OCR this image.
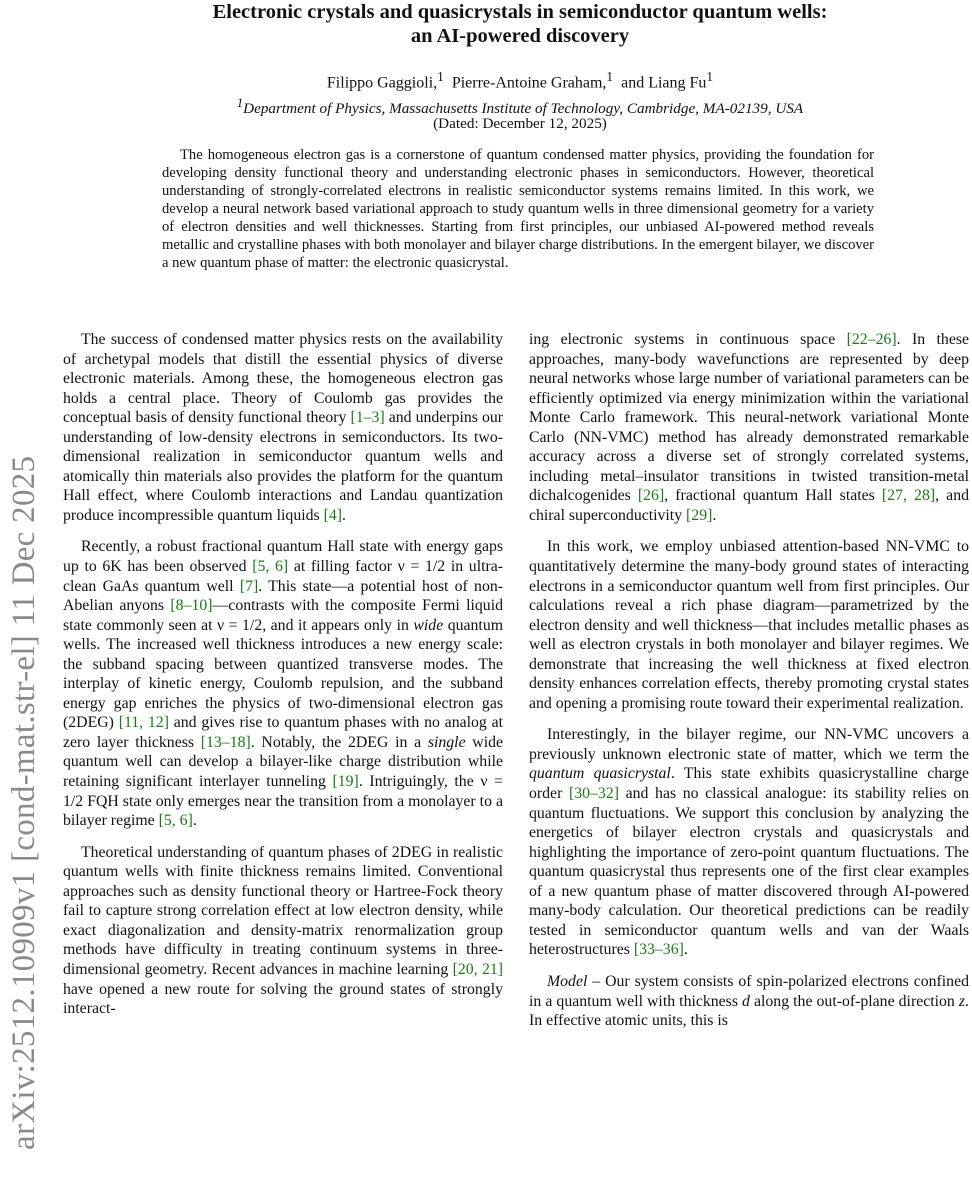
arXiv:2512.10909v1 [cond-mat.str-el] 11 Dec 2025
Electronic crystals and quasicrystals in semiconductor quantum wells:
an AI-powered discovery
Filippo Gaggioli,$^1$ Pierre-Antoine Graham,$^1$ and Liang Fu$^1$
$^1$Department of Physics, Massachusetts Institute of Technology, Cambridge, MA-02139, USA
(Dated: December 12, 2025)

The homogeneous electron gas is a cornerstone of quantum condensed matter physics, providing the foundation for developing density functional theory and understanding electronic phases in semiconductors. However, theoretical understanding of strongly-correlated electrons in realistic semiconductor systems remains limited. In this work, we develop a neural network based variational approach to study quantum wells in three dimensional geometry for a variety of electron densities and well thicknesses. Starting from first principles, our unbiased AI-powered method reveals metallic and crystalline phases with both monolayer and bilayer charge distributions. In the emergent bilayer, we discover a new quantum phase of matter: the electronic quasicrystal.

The success of condensed matter physics rests on the availability of archetypal models that distill the essential physics of diverse electronic materials. Among these, the homogeneous electron gas holds a central place. Theory of Coulomb gas provides the conceptual basis of density functional theory [1–3] and underpins our understanding of low-density electrons in semiconductors. Its two-dimensional realization in semiconductor quantum wells and atomically thin materials also provides the platform for the quantum Hall effect, where Coulomb interactions and Landau quantization produce incompressible quantum liquids [4].

Recently, a robust fractional quantum Hall state with energy gaps up to 6K has been observed [5, 6] at filling factor ν = 1/2 in ultra-clean GaAs quantum well [7]. This state—a potential host of non-Abelian anyons [8–10]—contrasts with the composite Fermi liquid state commonly seen at ν = 1/2, and it appears only in wide quantum wells. The increased well thickness introduces a new energy scale: the subband spacing between quantized transverse modes. The interplay of kinetic energy, Coulomb repulsion, and the subband energy gap enriches the physics of two-dimensional electron gas (2DEG) [11, 12] and gives rise to quantum phases with no analog at zero layer thickness [13–18]. Notably, the 2DEG in a single wide quantum well can develop a bilayer-like charge distribution while retaining significant interlayer tunneling [19]. Intriguingly, the ν = 1/2 FQH state only emerges near the transition from a monolayer to a bilayer regime [5, 6].

Theoretical understanding of quantum phases of 2DEG in realistic quantum wells with finite thickness remains limited. Conventional approaches such as density functional theory or Hartree-Fock theory fail to capture strong correlation effect at low electron density, while exact diagonalization and density-matrix renormalization group methods have difficulty in treating continuum systems in three-dimensional geometry. Recent advances in machine learning [20, 21] have opened a new route for solving the ground states of strongly interact-

ing electronic systems in continuous space [22–26]. In these approaches, many-body wavefunctions are represented by deep neural networks whose large number of variational parameters can be efficiently optimized via energy minimization within the variational Monte Carlo framework. This neural-network variational Monte Carlo (NN-VMC) method has already demonstrated remarkable accuracy across a diverse set of strongly correlated systems, including metal–insulator transitions in twisted transition-metal dichalcogenides [26], fractional quantum Hall states [27, 28], and chiral superconductivity [29].

In this work, we employ unbiased attention-based NN-VMC to quantitatively determine the many-body ground states of interacting electrons in a semiconductor quantum well from first principles. Our calculations reveal a rich phase diagram—parametrized by the electron density and well thickness—that includes metallic phases as well as electron crystals in both monolayer and bilayer regimes. We demonstrate that increasing the well thickness at fixed electron density enhances correlation effects, thereby promoting crystal states and opening a promising route toward their experimental realization.

Interestingly, in the bilayer regime, our NN-VMC uncovers a previously unknown electronic state of matter, which we term the quantum quasicrystal. This state exhibits quasicrystalline charge order [30–32] and has no classical analogue: its stability relies on quantum fluctuations. We support this conclusion by analyzing the energetics of bilayer electron crystals and quasicrystals and highlighting the importance of zero-point quantum fluctuations. The quantum quasicrystal thus represents one of the first clear examples of a new quantum phase of matter discovered through AI-powered many-body calculation. Our theoretical predictions can be readily tested in semiconductor quantum wells and van der Waals heterostructures [33–36].

Model – Our system consists of spin-polarized electrons confined in a quantum well with thickness d along the out-of-plane direction z. In effective atomic units, this is
